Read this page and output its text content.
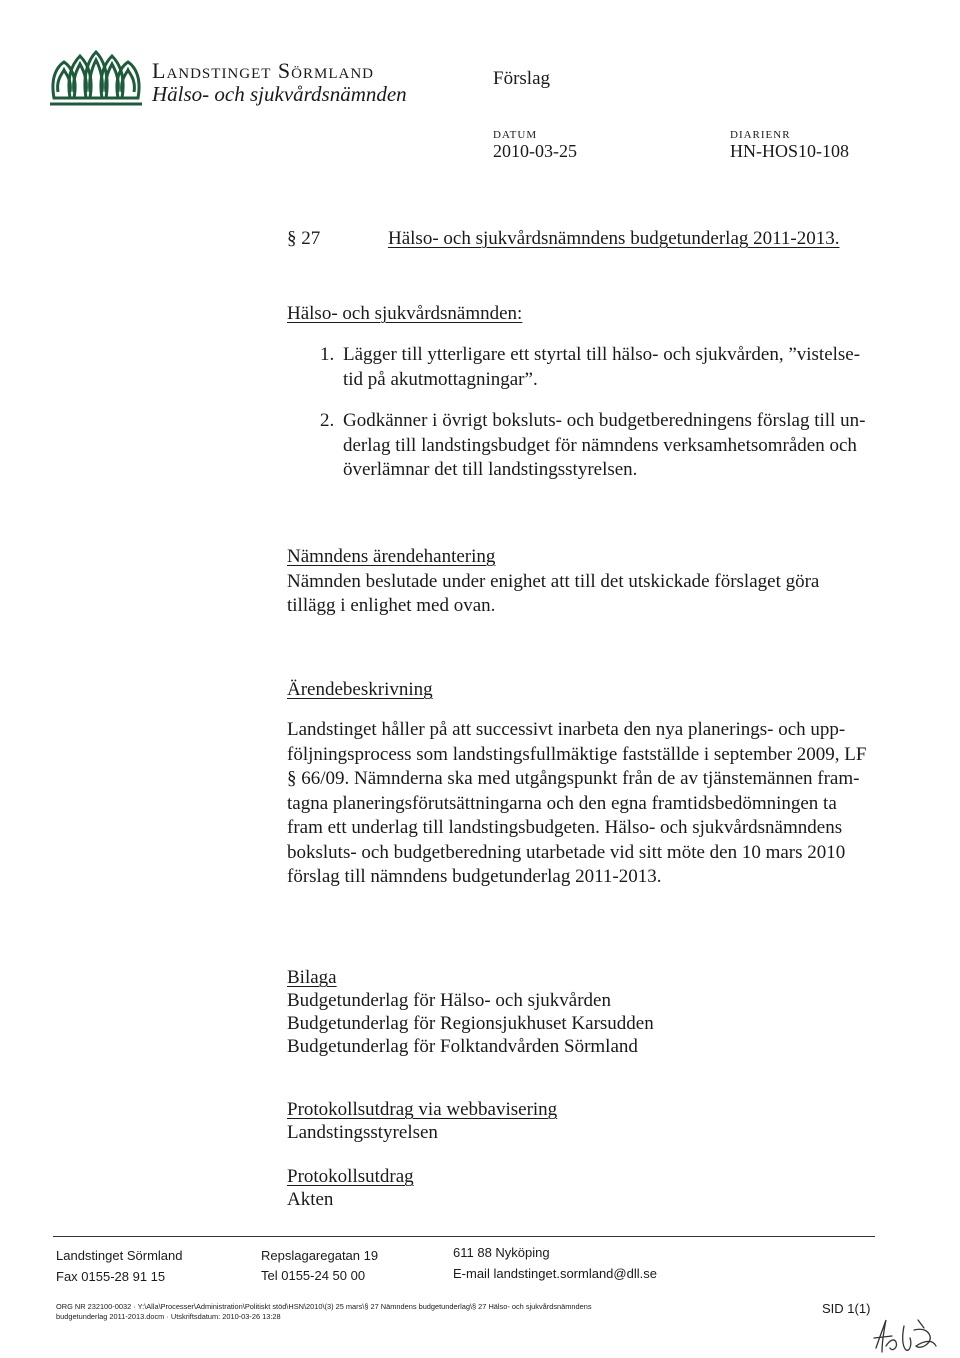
Landstinget Sörmland
Hälso- och sjukvårdsnämnden
Förslag
DATUM
2010-03-25
DIARIENR
HN-HOS10-108
§ 27	Hälso- och sjukvårdsnämndens budgetunderlag 2011-2013.
Hälso- och sjukvårdsnämnden:
1. Lägger till ytterligare ett styrtal till hälso- och sjukvården, ”vistelse-
tid på akutmottagningar”.
2. Godkänner i övrigt boksluts- och budgetberedningens förslag till un-
derlag till landstingsbudget för nämndens verksamhetsområden och
överlämnar det till landstingsstyrelsen.
Nämndens ärendehantering
Nämnden beslutade under enighet att till det utskickade förslaget göra
tillägg i enlighet med ovan.
Ärendebeskrivning
Landstinget håller på att successivt inarbeta den nya planerings- och upp-
följningsprocess som landstingsfullmäktige fastställde i september 2009, LF
§ 66/09. Nämnderna ska med utgångspunkt från de av tjänstemännen fram-
tagna planeringsförutsättningarna och den egna framtidsbedömningen ta
fram ett underlag till landstingsbudgeten. Hälso- och sjukvårdsnämndens
boksluts- och budgetberedning utarbetade vid sitt möte den 10 mars 2010
förslag till nämndens budgetunderlag 2011-2013.
Bilaga
Budgetunderlag för Hälso- och sjukvården
Budgetunderlag för Regionsjukhuset Karsudden
Budgetunderlag för Folktandvården Sörmland
Protokollsutdrag via webbavisering
Landstingsstyrelsen
Protokollsutdrag
Akten
Landstinget Sörmland
Fax 0155-28 91 15
Repslagaregatan 19
Tel 0155-24 50 00
611 88 Nyköping
E-mail landstinget.sormland@dll.se
ORG NR 232100-0032 · Y:\Alla\Processer\Administration\Politiskt stöd\HSN\2010\(3) 25 mars\§ 27 Nämndens budgetunderlag\§ 27 Hälso- och sjukvårdsnämndens
budgetunderlag 2011-2013.docm · Utskriftsdatum: 2010-03-26 13:28
SID 1(1)
